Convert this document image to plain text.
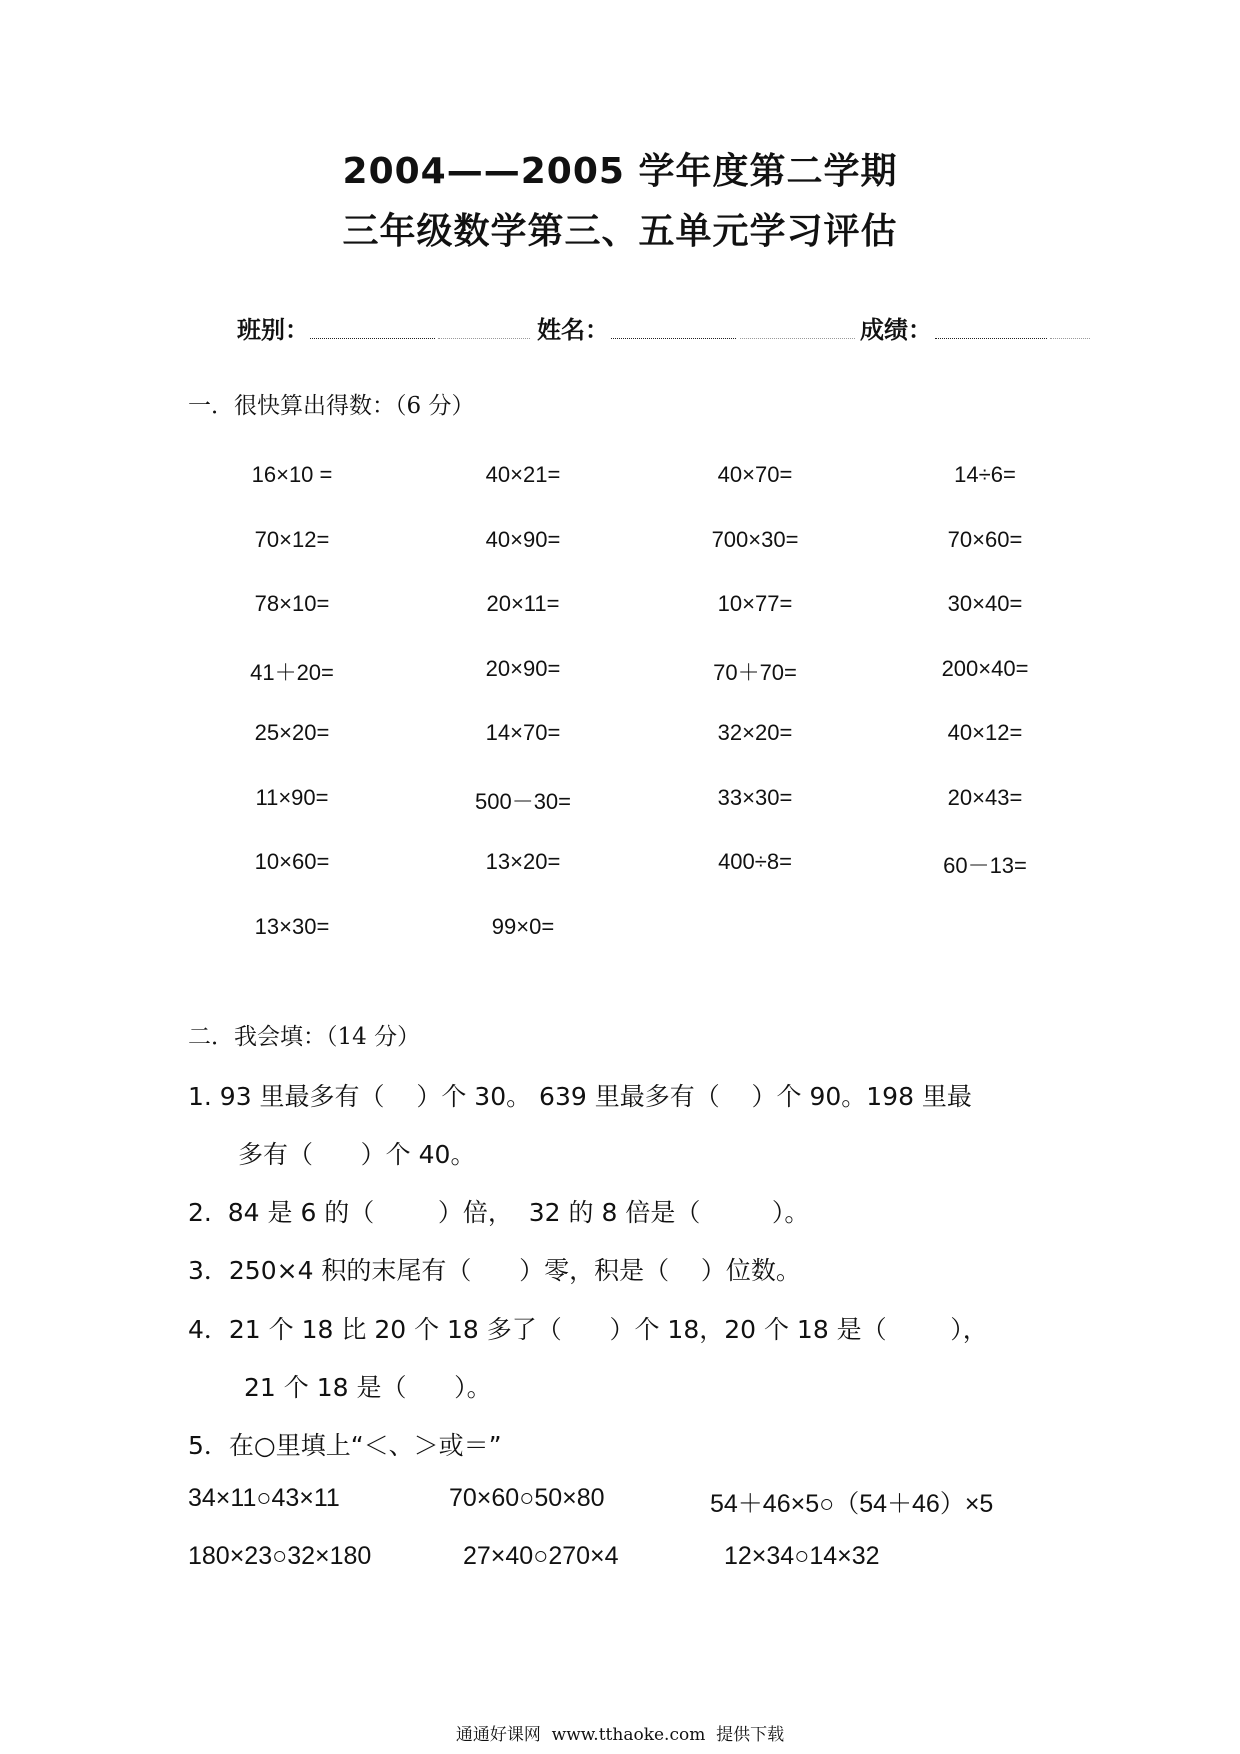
2004——2005 学年度第二学期
三年级数学第三、五单元学习评估
班别：	姓名：	成绩：
一．很快算出得数：（6 分）
16×10 =	40×21=	40×70=	14÷6=
70×12=	40×90=	700×30=	70×60=
78×10=	20×11=	10×77=	30×40=
41＋20=	20×90=	70＋70=	200×40=
25×20=	14×70=	32×20=	40×12=
11×90=	500－30=	33×30=	20×43=
10×60=	13×20=	400÷8=	60－13=
13×30=	99×0=
二．我会填：（14 分）
1. 93 里最多有（    ）个 30。 639 里最多有（    ）个 90。198 里最
多有（      ）个 40。
2.  84 是 6 的（        ）倍，  32 的 8 倍是（         ）。
3．250×4 积的末尾有（      ）零，积是（    ）位数。
4．21 个 18 比 20 个 18 多了（      ）个 18，20 个 18 是（        ），
21 个 18 是（      ）。
5．在○里填上“＜、＞或＝”
34×11○43×11	70×60○50×80	54＋46×5○（54＋46）×5
180×23○32×180	27×40○270×4	12×34○14×32
通通好课网  www.tthaoke.com  提供下载
